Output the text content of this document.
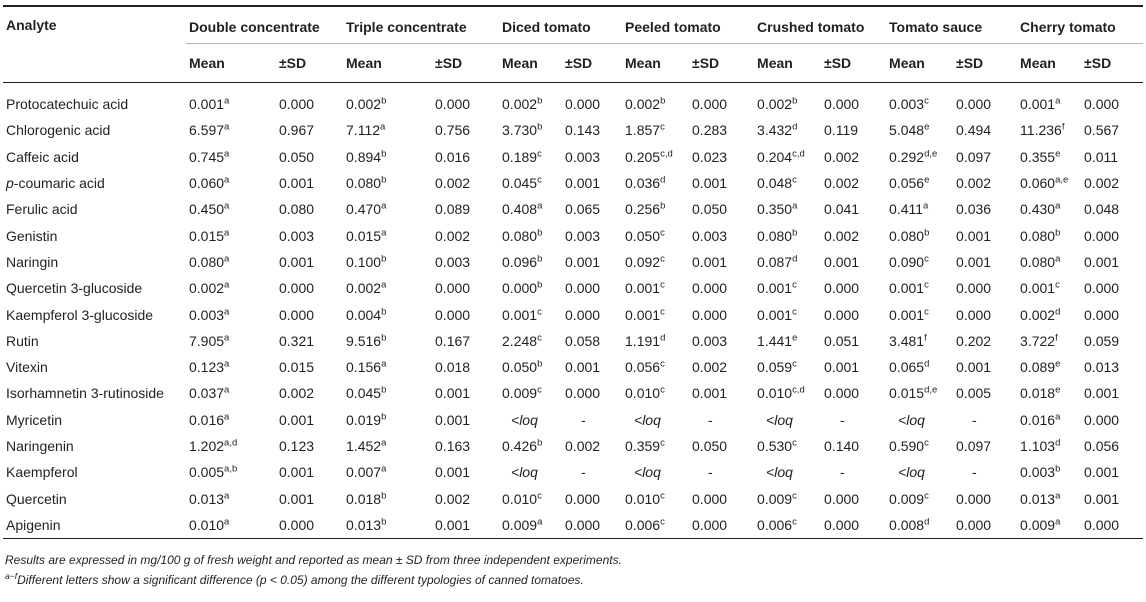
Analyte	Double concentrate		Triple concentrate		Diced tomato		Peeled tomato		Crushed tomato		Tomato sauce		Cherry tomato	
	Mean	±SD	Mean	±SD	Mean	±SD	Mean	±SD	Mean	±SD	Mean	±SD	Mean	±SD

Protocatechuic acid	0.001$^a$	0.000	0.002$^b$	0.000	0.002$^b$	0.000	0.002$^b$	0.000	0.002$^b$	0.000	0.003$^c$	0.000	0.001$^a$	0.000
Chlorogenic acid	6.597$^a$	0.967	7.112$^a$	0.756	3.730$^b$	0.143	1.857$^c$	0.283	3.432$^d$	0.119	5.048e	0.494	11.236$^f$	0.567
Caffeic acid	0.745$^a$	0.050	0.894$^b$	0.016	0.189$^c$	0.003	0.205$^{c,d}$	0.023	0.204$^{c,d}$	0.002	0.292$^{d,e}$	0.097	0.355e	0.011
p-coumaric acid	0.060$^a$	0.001	0.080$^b$	0.002	0.045$^c$	0.001	0.036$^d$	0.001	0.048$^c$	0.002	0.056e	0.002	0.060$^{a,e}$	0.002
Ferulic acid	0.450$^a$	0.080	0.470$^a$	0.089	0.408$^a$	0.065	0.256$^b$	0.050	0.350$^a$	0.041	0.411$^a$	0.036	0.430$^a$	0.048
Genistin	0.015$^a$	0.003	0.015$^a$	0.002	0.080$^b$	0.003	0.050$^c$	0.003	0.080$^b$	0.002	0.080$^b$	0.001	0.080$^b$	0.000
Naringin	0.080$^a$	0.001	0.100$^b$	0.003	0.096$^b$	0.001	0.092$^c$	0.001	0.087$^d$	0.001	0.090$^c$	0.001	0.080$^a$	0.001
Quercetin 3-glucoside	0.002$^a$	0.000	0.002$^a$	0.000	0.000$^b$	0.000	0.001$^c$	0.000	0.001$^c$	0.000	0.001$^c$	0.000	0.001$^c$	0.000
Kaempferol 3-glucoside	0.003$^a$	0.000	0.004$^b$	0.000	0.001$^c$	0.000	0.001$^c$	0.000	0.001$^c$	0.000	0.001$^c$	0.000	0.002$^d$	0.000
Rutin	7.905$^a$	0.321	9.516$^b$	0.167	2.248$^c$	0.058	1.191$^d$	0.003	1.441e	0.051	3.481$^f$	0.202	3.722$^f$	0.059
Vitexin	0.123$^a$	0.015	0.156$^a$	0.018	0.050$^b$	0.001	0.056$^c$	0.002	0.059$^c$	0.001	0.065$^d$	0.001	0.089e	0.013
Isorhamnetin 3-rutinoside	0.037$^a$	0.002	0.045$^b$	0.001	0.009$^c$	0.000	0.010$^c$	0.001	0.010$^{c,d}$	0.000	0.015$^{d,e}$	0.005	0.018e	0.001
Myricetin	0.016$^a$	0.001	0.019$^b$	0.001	<loq	-	<loq	-	<loq	-	<loq	-	0.016$^a$	0.000
Naringenin	1.202$^{a,d}$	0.123	1.452$^a$	0.163	0.426$^b$	0.002	0.359$^c$	0.050	0.530$^c$	0.140	0.590$^c$	0.097	1.103$^d$	0.056
Kaempferol	0.005$^{a,b}$	0.001	0.007$^a$	0.001	<loq	-	<loq	-	<loq	-	<loq	-	0.003$^b$	0.001
Quercetin	0.013$^a$	0.001	0.018$^b$	0.002	0.010$^c$	0.000	0.010$^c$	0.000	0.009$^c$	0.000	0.009$^c$	0.000	0.013$^a$	0.001
Apigenin	0.010$^a$	0.000	0.013$^b$	0.001	0.009$^a$	0.000	0.006$^c$	0.000	0.006$^c$	0.000	0.008$^d$	0.000	0.009$^a$	0.000
Results are expressed in mg/100 g of fresh weight and reported as mean ± SD from three independent experiments.
$^{a-f}$Different letters show a significant difference (p < 0.05) among the different typologies of canned tomatoes.
